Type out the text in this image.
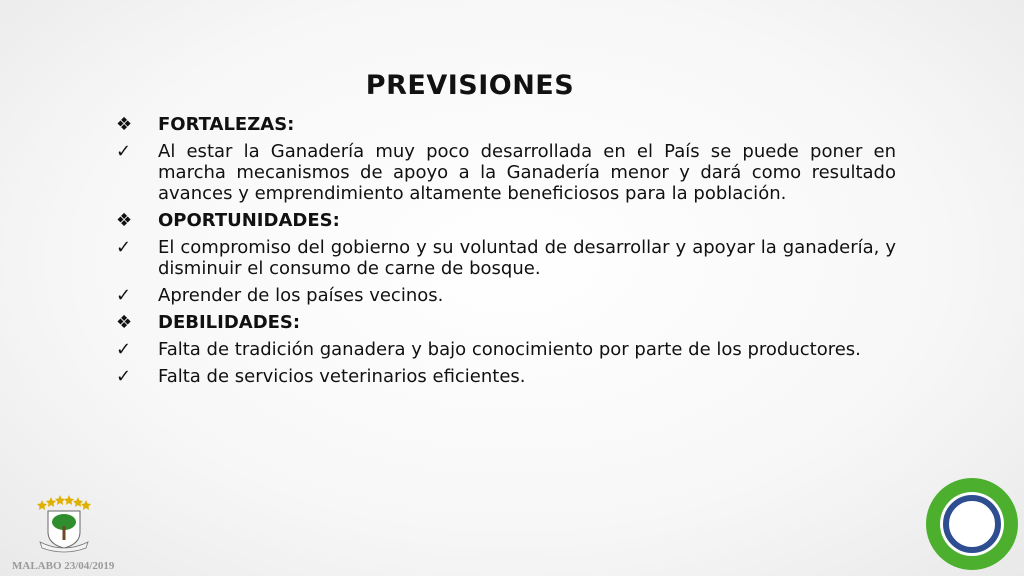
PREVISIONES
❖	FORTALEZAS:
✓	Al estar la Ganadería muy poco desarrollada en el País se puede poner en marcha mecanismos de apoyo a la Ganadería menor y dará como resultado avances y emprendimiento altamente beneficiosos para la población.
❖	OPORTUNIDADES:
✓	El compromiso del gobierno y su voluntad de desarrollar y apoyar la ganadería, y disminuir el consumo de carne de bosque.
✓	Aprender de los países vecinos.
❖	DEBILIDADES:
✓	Falta de tradición ganadera y bajo conocimiento por parte de los productores.
✓	Falta de servicios veterinarios eficientes.
MALABO 23/04/2019
